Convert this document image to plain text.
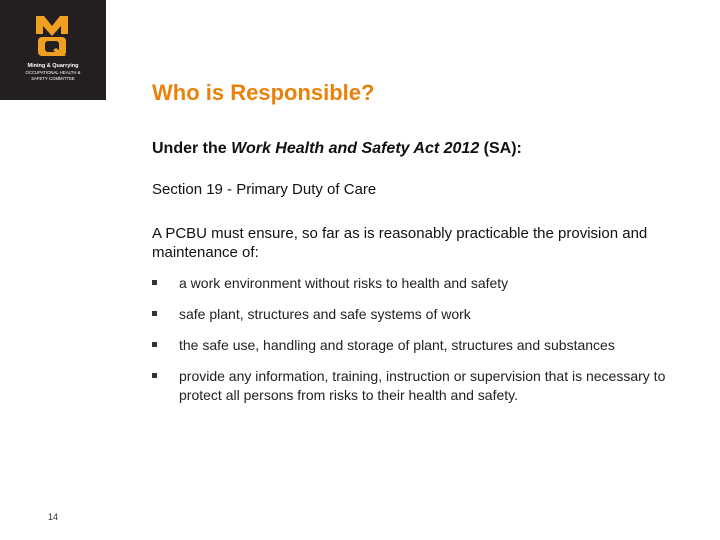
Mining & Quarrying
OCCUPATIONAL HEALTH &
SAFETY COMMITTEE
14
Who is Responsible?
Under the Work Health and Safety Act 2012 (SA):
Section 19 - Primary Duty of Care
A PCBU must ensure, so far as is reasonably practicable the provision and maintenance of:
a work environment without risks to health and safety
safe plant, structures and safe systems of work
the safe use, handling and storage of plant, structures and substances
provide any information, training, instruction or supervision that is necessary to protect all persons from risks to their health and safety.
